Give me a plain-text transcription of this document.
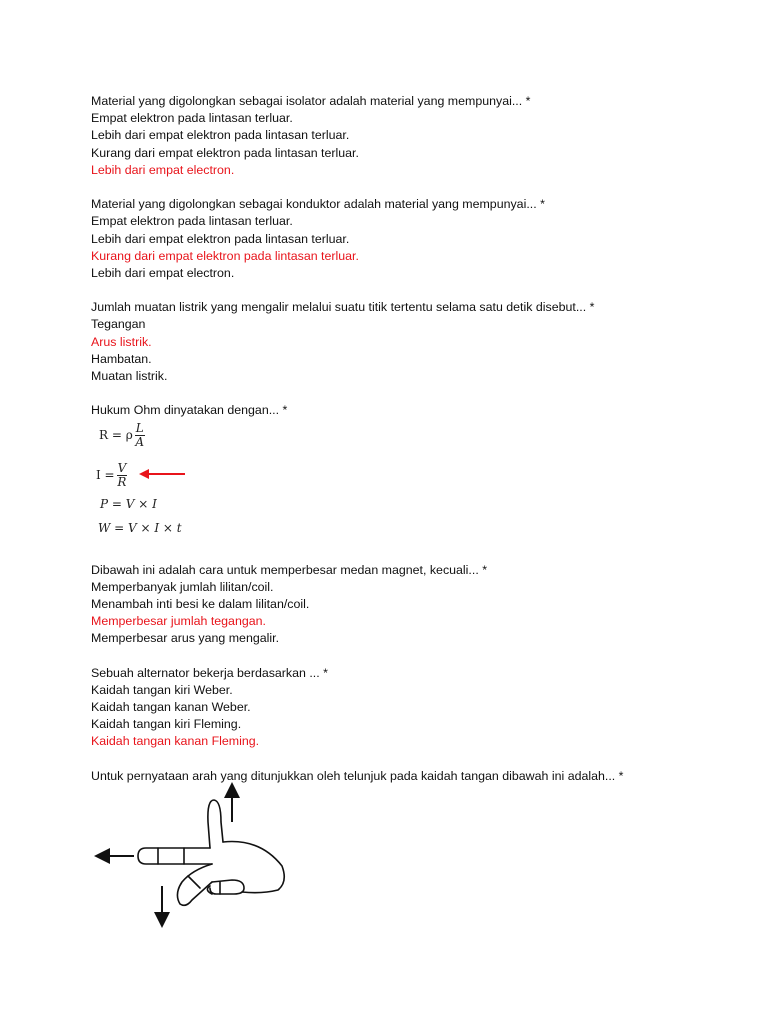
Material yang digolongkan sebagai isolator adalah material yang mempunyai... *
Empat elektron pada lintasan terluar.
Lebih dari empat elektron pada lintasan terluar.
Kurang dari empat elektron pada lintasan terluar.
Lebih dari empat electron.
Material yang digolongkan sebagai konduktor adalah material yang mempunyai... *
Empat elektron pada lintasan terluar.
Lebih dari empat elektron pada lintasan terluar.
Kurang dari empat elektron pada lintasan terluar.
Lebih dari empat electron.
Jumlah muatan listrik yang mengalir melalui suatu titik tertentu selama satu detik disebut... *
Tegangan
Arus listrik.
Hambatan.
Muatan listrik.
Hukum Ohm dinyatakan dengan... *
R = ρ $\frac{L}{A}$
$I = \frac{V}{R}$
P = V × I
W = V × I × t
Dibawah ini adalah cara untuk memperbesar medan magnet, kecuali... *
Memperbanyak jumlah lilitan/coil.
Menambah inti besi ke dalam lilitan/coil.
Memperbesar jumlah tegangan.
Memperbesar arus yang mengalir.
Sebuah alternator bekerja berdasarkan ... *
Kaidah tangan kiri Weber.
Kaidah tangan kanan Weber.
Kaidah tangan kiri Fleming.
Kaidah tangan kanan Fleming.
Untuk pernyataan arah yang ditunjukkan oleh telunjuk pada kaidah tangan dibawah ini adalah... *
